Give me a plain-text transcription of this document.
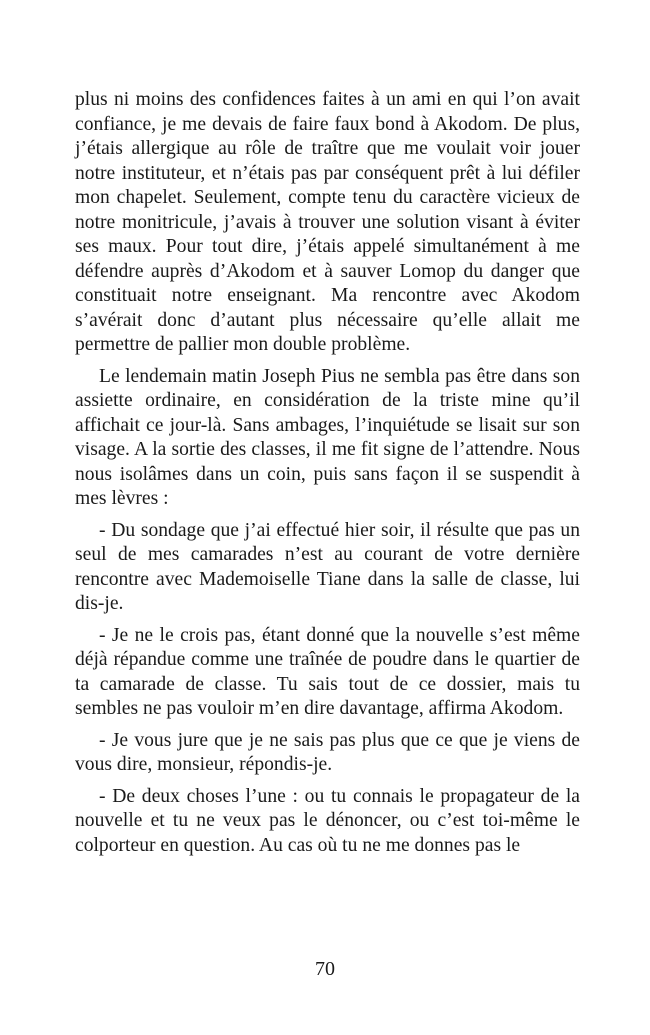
plus ni moins des confidences faites à un ami en qui l’on avait confiance, je me devais de faire faux bond à Akodom. De plus, j’étais allergique au rôle de traître que me voulait voir jouer notre instituteur, et n’étais pas par conséquent prêt à lui défiler mon chapelet. Seulement, compte tenu du caractère vicieux de notre monitricule, j’avais à trouver une solution visant à éviter ses maux. Pour tout dire, j’étais appelé simultanément à me défendre auprès d’Akodom et à sauver Lomop du danger que constituait notre enseignant. Ma rencontre avec Akodom s’avérait donc d’autant plus nécessaire qu’elle allait me permettre de pallier mon double problème.

Le lendemain matin Joseph Pius ne sembla pas être dans son assiette ordinaire, en considération de la triste mine qu’il affichait ce jour-là. Sans ambages, l’inquiétude se lisait sur son visage. A la sortie des classes, il me fit signe de l’attendre. Nous nous isolâmes dans un coin, puis sans façon il se suspendit à mes lèvres :

- Du sondage que j’ai effectué hier soir, il résulte que pas un seul de mes camarades n’est au courant de votre dernière rencontre avec Mademoiselle Tiane dans la salle de classe, lui dis-je.

- Je ne le crois pas, étant donné que la nouvelle s’est même déjà répandue comme une traînée de poudre dans le quartier de ta camarade de classe. Tu sais tout de ce dossier, mais tu sembles ne pas vouloir m’en dire davantage, affirma Akodom.

- Je vous jure que je ne sais pas plus que ce que je viens de vous dire, monsieur, répondis-je.

- De deux choses l’une : ou tu connais le propagateur de la nouvelle et tu ne veux pas le dénoncer, ou c’est toi-même le colporteur en question. Au cas où tu ne me donnes pas le

70
